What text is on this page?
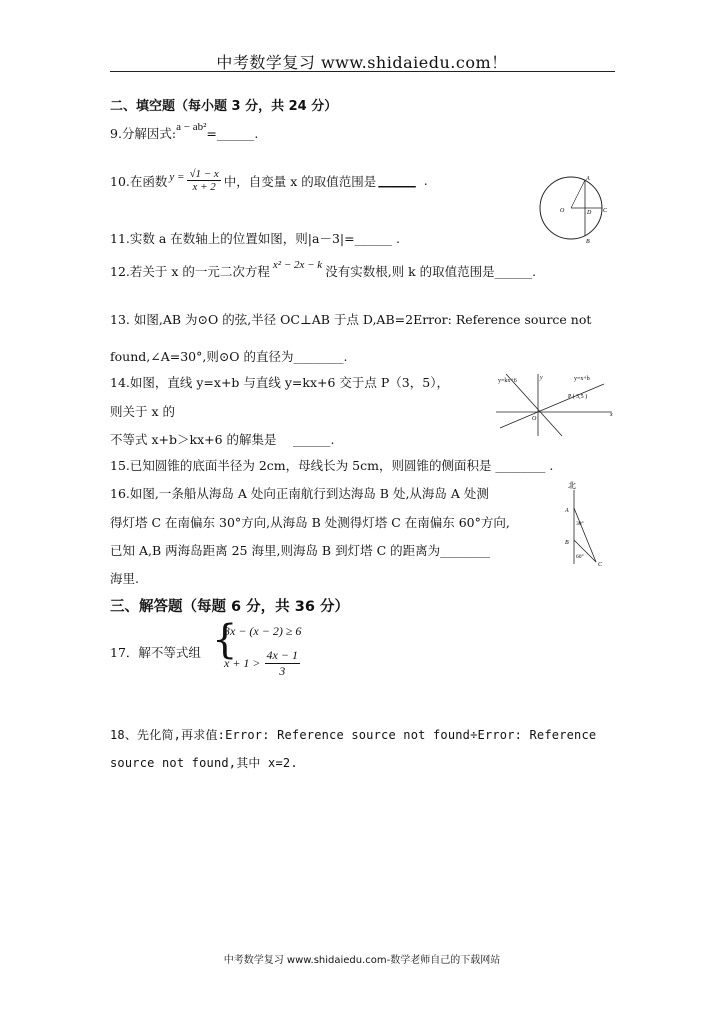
中考数学复习 www.shidaiedu.com！
二、填空题（每小题 3 分，共 24 分）
9.分解因式:a − ab²=______.
10.在函数 $y = \frac{√1 - x}{x + 2}$ 中，自变量 x 的取值范围是 ______ .	A
O	D C
B
11.实数 a 在数轴上的位置如图，则|a－3|=______ .
12.若关于 x 的一元二次方程 x² − 2x − k 没有实数根,则 k 的取值范围是______.
13. 如图,AB 为⊙O 的弦,半径 OC⊥AB 于点 D,AB=2Error: Reference source not
found,∠A=30°,则⊙O 的直径为________.
14.如图，直线 y=x+b 与直线 y=kx+6 交于点 P（3，5），
则关于 x 的
不等式 x+b＞kx+6 的解集是　 ______.
y=kx+6	y=x+b
P ( 3,5 )
O
x
y
15.已知圆锥的底面半径为 2cm，母线长为 5cm，则圆锥的侧面积是 ________ .
16.如图,一条船从海岛 A 处向正南航行到达海岛 B 处,从海岛 A 处测
得灯塔 C 在南偏东 30°方向,从海岛 B 处测得灯塔 C 在南偏东 60°方向,
已知 A,B 两海岛距离 25 海里,则海岛 B 到灯塔 C 的距离为________
海里.
北
A
B
C
30°
60°
三、解答题（每题 6 分，共 36 分）
17．解不等式组 {
3x − (x − 2) ≥ 6
$x + 1 > \frac{4x - 1}{3}$
18、先化简,再求值:Error: Reference source not found÷Error: Reference
source not found,其中 x=2.
中考数学复习 www.shidaiedu.com-数学老师自己的下载网站
